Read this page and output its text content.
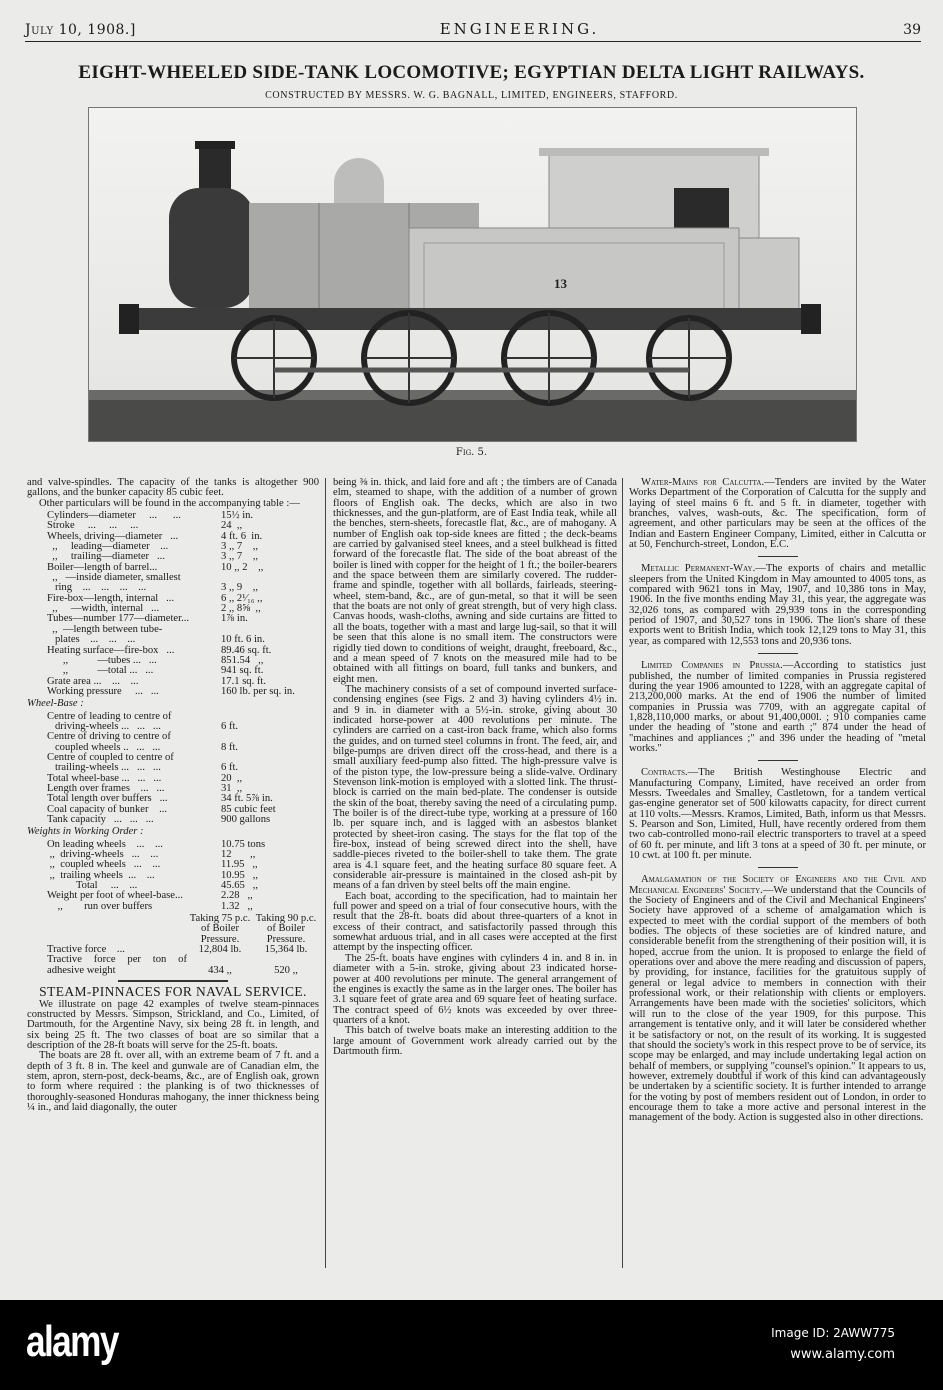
July 10, 1908.]	ENGINEERING.	39
EIGHT-WHEELED SIDE-TANK LOCOMOTIVE; EGYPTIAN DELTA LIGHT RAILWAYS.
CONSTRUCTED BY MESSRS. W. G. BAGNALL, LIMITED, ENGINEERS, STAFFORD.
13
Fig. 5.

and valve-spindles. The capacity of the tanks is altogether 900 gallons, and the bunker capacity 85 cubic feet.

Other particulars will be found in the accompanying table :—

Cylinders—diameter     ...      ...	15½ in.
Stroke     ...     ...     ...	24  ,,
Wheels, driving—diameter   ...	4 ft. 6  in.
,,     leading—diameter    ...	3 ,, 7    ,,
,,     trailing—diameter   ...	3 ,, 7    ,,
Boiler—length of barrel...	10 ,, 2    ,,
,,   —inside diameter, smallest
ring    ...    ...    ...    ...	3 ,, 9    ,,
Fire-box—length, internal   ...	6 ,, 2¹⁄₁₆ ,,
,,     —width, internal   ...	2 ,, 8⅝  ,,
Tubes—number 177—diameter...	1⅞ in.
,,  —length between tube-
plates    ...    ...    ...	10 ft. 6 in.
Heating surface—fire-box   ...	89.46 sq. ft.
,,           —tubes ...   ...	851.54   ,,
,,           —total ...   ...	941 sq. ft.
Grate area ...    ...    ...	17.1 sq. ft.
Working pressure     ...   ...	160 lb. per sq. in.
Wheel-Base :
Centre of leading to centre of
driving-wheels ...   ...   ...	6 ft.
Centre of driving to centre of
coupled wheels ..   ...   ...	8 ft.
Centre of coupled to centre of
trailing-wheels ...   ...   ...	6 ft.
Total wheel-base ...   ...   ...	20  ,,
Length over frames    ...   ...	31  ,,
Total length over buffers   ...	34 ft. 5⅞ in.
Coal capacity of bunker    ...	85 cubic feet
Tank capacity   ...   ...   ...	900 gallons
Weights in Working Order :
On leading wheels    ...    ...	10.75 tons
,,  driving-wheels   ...    ...	12       ,,
,,  coupled wheels   ...    ...	11.95   ,,
,,  trailing wheels  ...    ...	10.95   ,,
Total     ...    ...	45.65   ,,
Weight per foot of wheel-base...	2.28   ,,
,,        run over buffers	1.32   ,,
Taking 75 p.c. of Boiler Pressure.
Taking 90 p.c. of Boiler Pressure.
Tractive force    ...	12,804 lb.	15,364 lb.
Tractive force per ton of adhesive weight	434 ,,	520 ,,
STEAM-PINNACES FOR NAVAL SERVICE.

We illustrate on page 42 examples of twelve steam-pinnaces constructed by Messrs. Simpson, Strickland, and Co., Limited, of Dartmouth, for the Argentine Navy, six being 28 ft. in length, and six being 25 ft. The two classes of boat are so similar that a description of the 28-ft boats will serve for the 25-ft. boats.

The boats are 28 ft. over all, with an extreme beam of 7 ft. and a depth of 3 ft. 8 in. The keel and gunwale are of Canadian elm, the stem, apron, stern-post, deck-beams, &c., are of English oak, grown to form where required : the planking is of two thicknesses of thoroughly-seasoned Honduras mahogany, the inner thickness being ¼ in., and laid diagonally, the outer

being ⅜ in. thick, and laid fore and aft ; the timbers are of Canada elm, steamed to shape, with the addition of a number of grown floors of English oak. The decks, which are also in two thicknesses, and the gun-platform, are of East India teak, while all the benches, stern-sheets, forecastle flat, &c., are of mahogany. A number of English oak top-side knees are fitted ; the deck-beams are carried by galvanised steel knees, and a steel bulkhead is fitted forward of the forecastle flat. The side of the boat abreast of the boiler is lined with copper for the height of 1 ft.; the boiler-bearers and the space between them are similarly covered. The rudder-frame and spindle, together with all bollards, fairleads, steering-wheel, stem-band, &c., are of gun-metal, so that it will be seen that the boats are not only of great strength, but of very high class. Canvas hoods, wash-cloths, awning and side curtains are fitted to all the boats, together with a mast and large lug-sail, so that it will be seen that this alone is no small item. The constructors were rigidly tied down to conditions of weight, draught, freeboard, &c., and a mean speed of 7 knots on the measured mile had to be obtained with all fittings on board, full tanks and bunkers, and eight men.

The machinery consists of a set of compound inverted surface-condensing engines (see Figs. 2 and 3) having cylinders 4½ in. and 9 in. in diameter with a 5½-in. stroke, giving about 30 indicated horse-power at 400 revolutions per minute. The cylinders are carried on a cast-iron back frame, which also forms the guides, and on turned steel columns in front. The feed, air, and bilge-pumps are driven direct off the cross-head, and there is a small auxiliary feed-pump also fitted. The high-pressure valve is of the piston type, the low-pressure being a slide-valve. Ordinary Stevenson link-motion is employed with a slotted link. The thrust-block is carried on the main bed-plate. The condenser is outside the skin of the boat, thereby saving the need of a circulating pump. The boiler is of the direct-tube type, working at a pressure of 160 lb. per square inch, and is lagged with an asbestos blanket protected by sheet-iron casing. The stays for the flat top of the fire-box, instead of being screwed direct into the shell, have saddle-pieces riveted to the boiler-shell to take them. The grate area is 4.1 square feet, and the heating surface 80 square feet. A considerable air-pressure is maintained in the closed ash-pit by means of a fan driven by steel belts off the main engine.

Each boat, according to the specification, had to maintain her full power and speed on a trial of four consecutive hours, with the result that the 28-ft. boats did about three-quarters of a knot in excess of their contract, and satisfactorily passed through this somewhat arduous trial, and in all cases were accepted at the first attempt by the inspecting officer.

The 25-ft. boats have engines with cylinders 4 in. and 8 in. in diameter with a 5-in. stroke, giving about 23 indicated horse-power at 400 revolutions per minute. The general arrangement of the engines is exactly the same as in the larger ones. The boiler has 3.1 square feet of grate area and 69 square feet of heating surface. The contract speed of 6½ knots was exceeded by over three-quarters of a knot.

This batch of twelve boats make an interesting addition to the large amount of Government work already carried out by the Dartmouth firm.

Water-Mains for Calcutta.—Tenders are invited by the Water Works Department of the Corporation of Calcutta for the supply and laying of steel mains 6 ft. and 5 ft. in diameter, together with branches, valves, wash-outs, &c. The specification, form of agreement, and other particulars may be seen at the offices of the Indian and Eastern Engineer Company, Limited, either in Calcutta or at 50, Fenchurch-street, London, E.C.

Metallic Permanent-Way.—The exports of chairs and metallic sleepers from the United Kingdom in May amounted to 4005 tons, as compared with 9621 tons in May, 1907, and 10,386 tons in May, 1906. In the five months ending May 31, this year, the aggregate was 32,026 tons, as compared with 29,939 tons in the corresponding period of 1907, and 30,527 tons in 1906. The lion's share of these exports went to British India, which took 12,129 tons to May 31, this year, as compared with 12,553 tons and 20,936 tons.

Limited Companies in Prussia.—According to statistics just published, the number of limited companies in Prussia registered during the year 1906 amounted to 1228, with an aggregate capital of 213,200,000 marks. At the end of 1906 the number of limited companies in Prussia was 7709, with an aggregate capital of 1,828,110,000 marks, or about 91,400,000l. ; 910 companies came under the heading of "stone and earth ;" 874 under the head of "machines and appliances ;" and 396 under the heading of "metal works."

Contracts.—The British Westinghouse Electric and Manufacturing Company, Limited, have received an order from Messrs. Tweedales and Smalley, Castletown, for a tandem vertical gas-engine generator set of 500 kilowatts capacity, for direct current at 110 volts.—Messrs. Kramos, Limited, Bath, inform us that Messrs. S. Pearson and Son, Limited, Hull, have recently ordered from them two cab-controlled mono-rail electric transporters to travel at a speed of 60 ft. per minute, and lift 3 tons at a speed of 30 ft. per minute, or 10 cwt. at 100 ft. per minute.

Amalgamation of the Society of Engineers and the Civil and Mechanical Engineers' Society.—We understand that the Councils of the Society of Engineers and of the Civil and Mechanical Engineers' Society have approved of a scheme of amalgamation which is expected to meet with the cordial support of the members of both bodies. The objects of these societies are of kindred nature, and considerable benefit from the strengthening of their position will, it is hoped, accrue from the union. It is proposed to enlarge the field of operations over and above the mere reading and discussion of papers, by providing, for instance, facilities for the gratuitous supply of general or legal advice to members in connection with their professional work, or their relationship with clients or employers. Arrangements have been made with the societies' solicitors, which will run to the close of the year 1909, for this purpose. This arrangement is tentative only, and it will later be considered whether it be satisfactory or not, on the result of its working. It is suggested that should the society's work in this respect prove to be of service, its scope may be enlarged, and may include undertaking legal action on behalf of members, or supplying "counsel's opinion." It appears to us, however, extremely doubtful if work of this kind can advantageously be undertaken by a scientific society. It is further intended to arrange for the voting by post of members resident out of London, in order to encourage them to take a more active and personal interest in the management of the body. Action is suggested also in other directions.

alamy	Image ID: 2AWW775
www.alamy.com
